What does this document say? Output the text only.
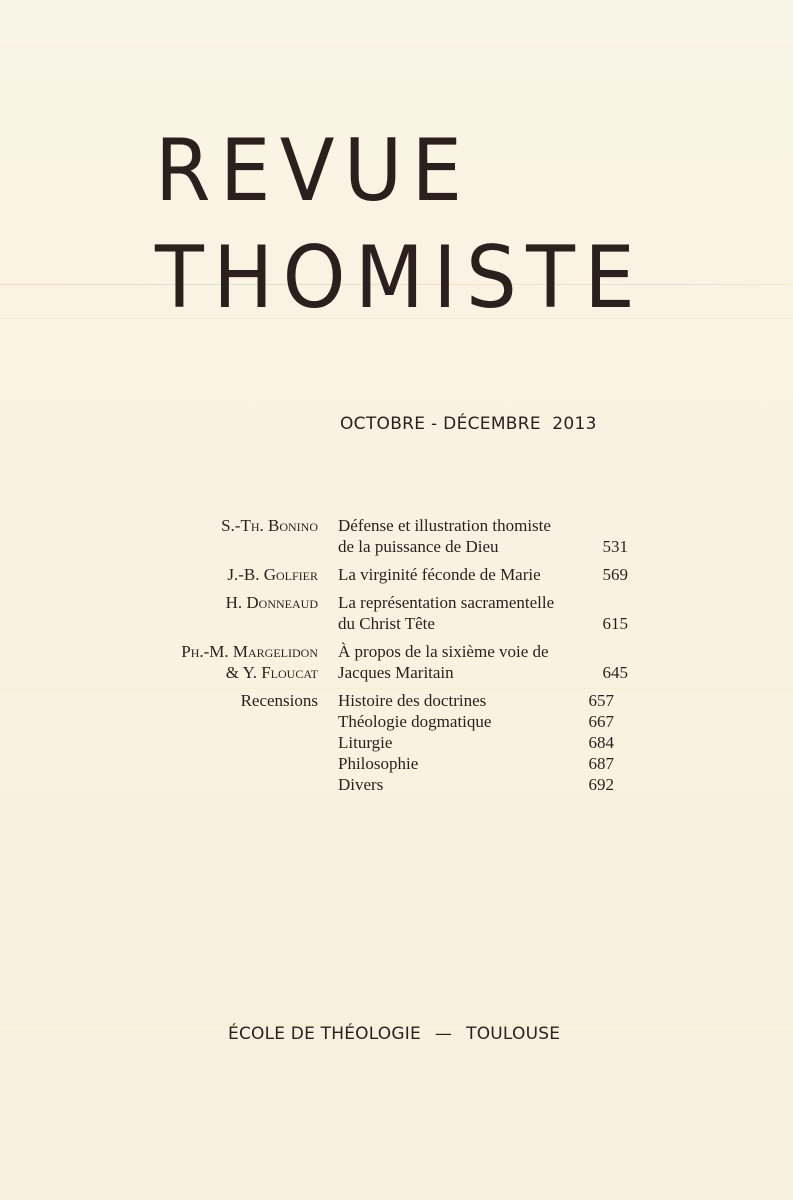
REVUE
THOMISTE
OCTOBRE - DÉCEMBRE  2013
S.-Th. Bonino Défense et illustration thomiste
de la puissance de Dieu	531
J.-B. Golfier La virginité féconde de Marie	569
H. Donneaud La représentation sacramentelle
du Christ Tête	615
Ph.-M. Margelidon
& Y. Floucat
À propos de la sixième voie de
Jacques Maritain	645
Recensions Histoire des doctrines	657
Théologie dogmatique	667
Liturgie	684
Philosophie	687
Divers	692
ÉCOLE DE THÉOLOGIE — TOULOUSE
